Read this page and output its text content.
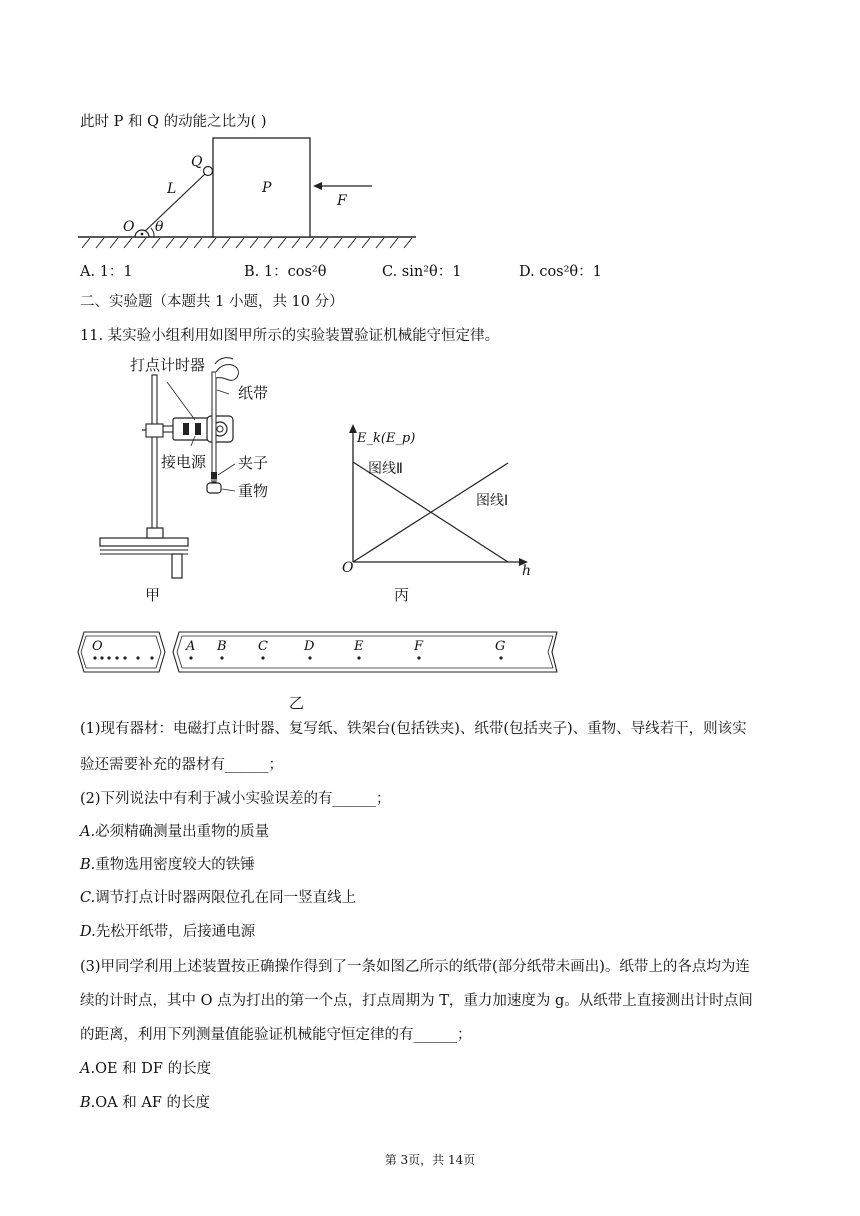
此时 P 和 Q 的动能之比为( )
Q
L	P
F
O θ
A. 1：1	B. 1：cos²θ	C. sin²θ：1	D. cos²θ：1
二、实验题（本题共 1 小题，共 10 分）
11. 某实验小组利用如图甲所示的实验装置验证机械能守恒定律。
打点计时器
纸带
接电源 夹子
重物
甲
E_k(E_p)
图线Ⅱ
图线Ⅰ
O	h
丙
O	A B C	D	E	F	G
乙
(1)现有器材：电磁打点计时器、复写纸、铁架台(包括铁夹)、纸带(包括夹子)、重物、导线若干，则该实
验还需要补充的器材有______；
(2)下列说法中有利于减小实验误差的有______；
A.必须精确测量出重物的质量
B.重物选用密度较大的铁锤
C.调节打点计时器两限位孔在同一竖直线上
D.先松开纸带，后接通电源
(3)甲同学利用上述装置按正确操作得到了一条如图乙所示的纸带(部分纸带未画出)。纸带上的各点均为连
续的计时点，其中 O 点为打出的第一个点，打点周期为 T，重力加速度为 g。从纸带上直接测出计时点间
的距离，利用下列测量值能验证机械能守恒定律的有______；
A.OE 和 DF 的长度
B.OA 和 AF 的长度
第 3页，共 14页
